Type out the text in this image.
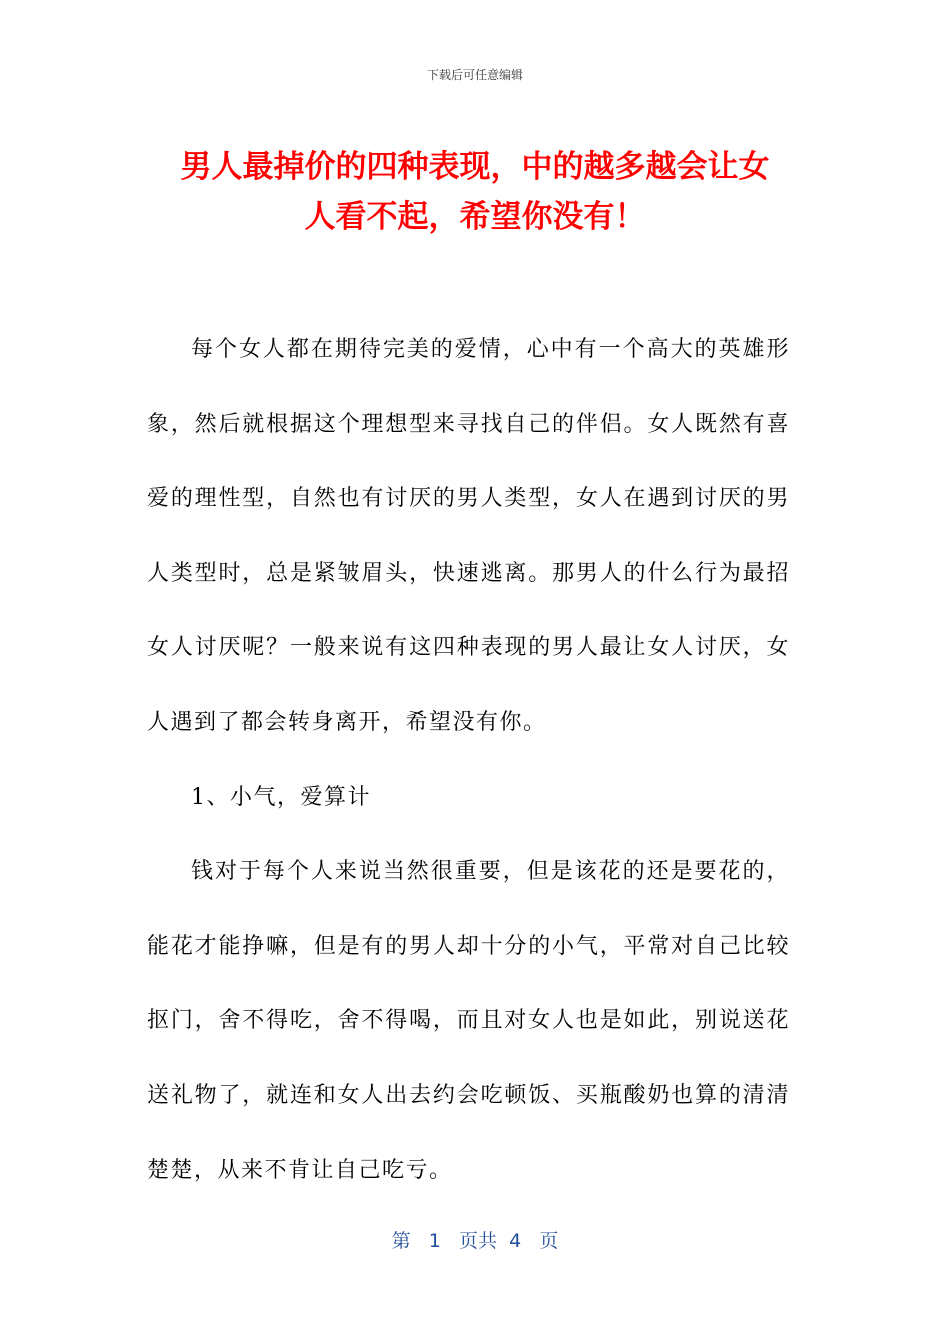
下载后可任意编辑
男人最掉价的四种表现，中的越多越会让女
人看不起，希望你没有！

每个女人都在期待完美的爱情，心中有一个高大的英雄形象，然后就根据这个理想型来寻找自己的伴侣。女人既然有喜爱的理性型，自然也有讨厌的男人类型，女人在遇到讨厌的男人类型时，总是紧皱眉头，快速逃离。那男人的什么行为最招女人讨厌呢？一般来说有这四种表现的男人最让女人讨厌，女人遇到了都会转身离开，希望没有你。

1、小气，爱算计

钱对于每个人来说当然很重要，但是该花的还是要花的，能花才能挣嘛，但是有的男人却十分的小气，平常对自己比较抠门，舍不得吃，舍不得喝，而且对女人也是如此，别说送花送礼物了，就连和女人出去约会吃顿饭、买瓶酸奶也算的清清楚楚，从来不肯让自己吃亏。

第 1 页共 4 页
